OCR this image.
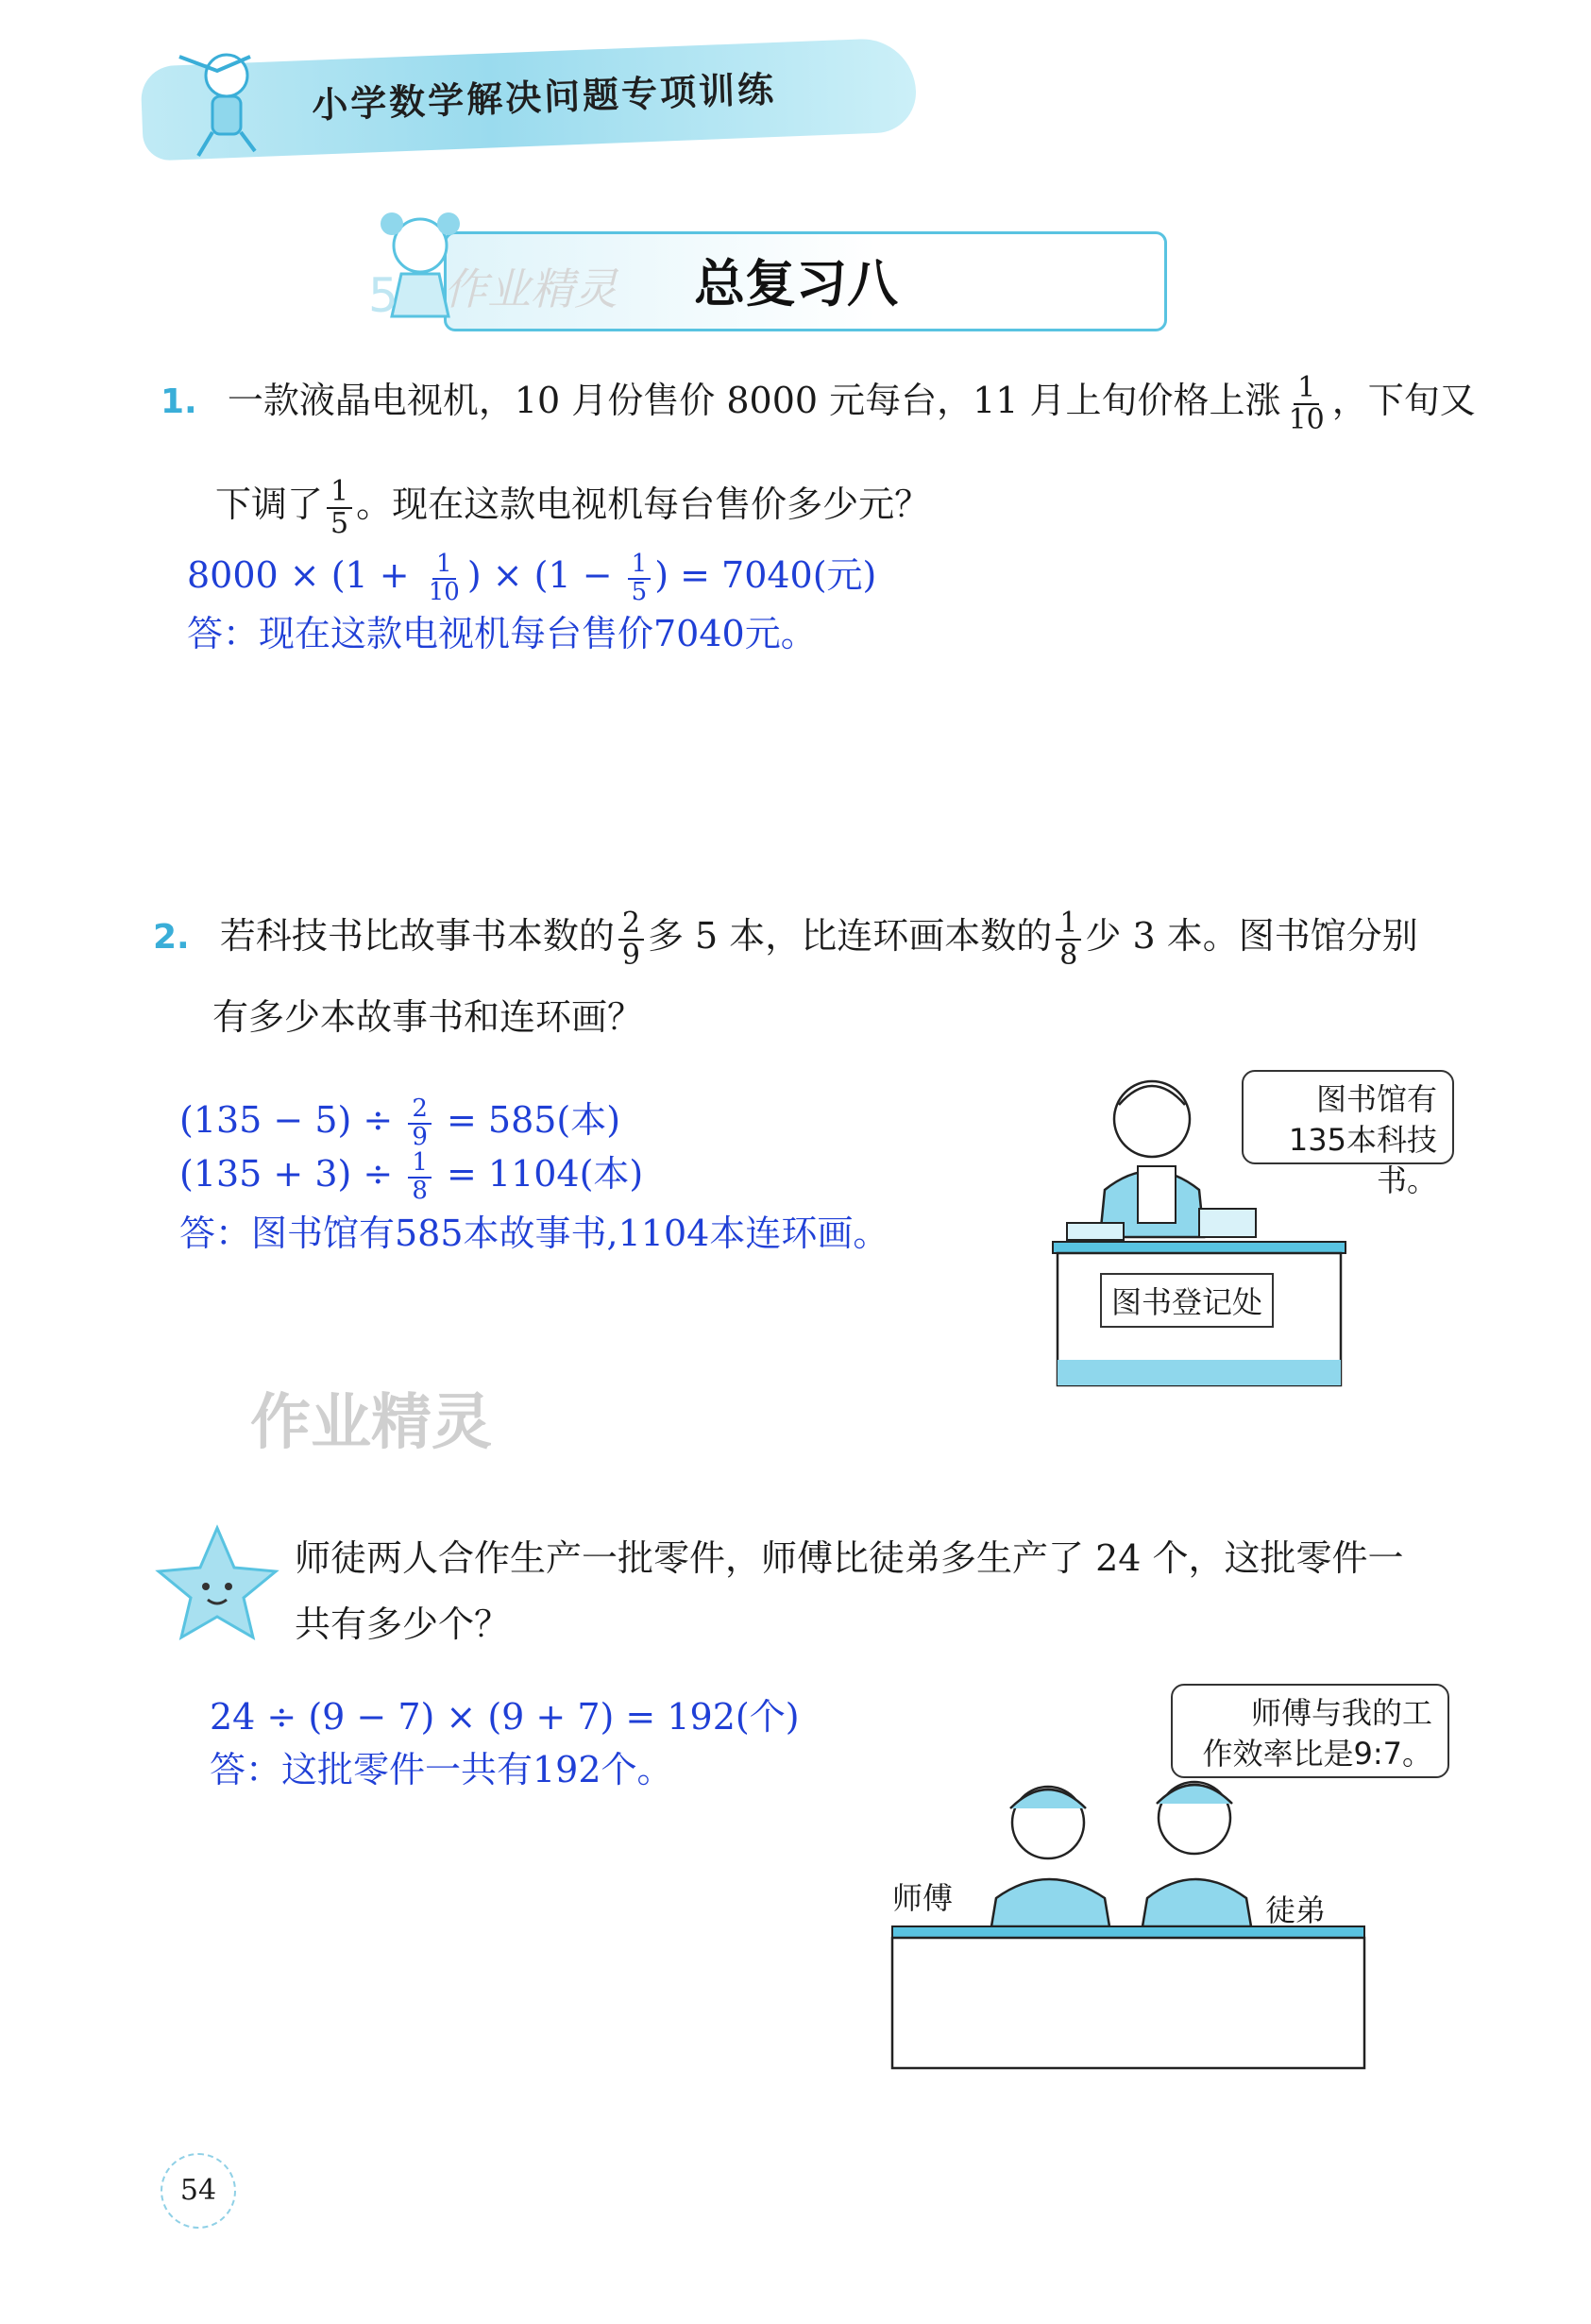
小学数学解决问题专项训练
5 作业精灵 总复习八
1. 一款液晶电视机，10 月份售价 8000 元每台，11 月上旬价格上涨 $\frac{1}{10}$ ，下旬又
下调了 $\frac{1}{5}$ 。现在这款电视机每台售价多少元？
$8000 \times (1 + \frac{1}{10}$ ) × ($1 - \frac{1}{5}$ ) = 7040(元)
答：现在这款电视机每台售价7040元。
2. 若科技书比故事书本数的 $\frac{2}{9}$ 多 5 本，比连环画本数的 $\frac{1}{8}$ 少 3 本。图书馆分别
有多少本故事书和连环画？
$(135 - 5) \div \frac{2}{9} = 585$(本)
$(135 + 3) \div \frac{1}{8} = 1104$(本)
答：图书馆有585本故事书,1104本连环画。
图书登记处
图书馆有
135本科技书。
作业精灵
师徒两人合作生产一批零件，师傅比徒弟多生产了 24 个，这批零件一
共有多少个？
24 ÷ (9 − 7) × (9 + 7) = 192(个)
答：这批零件一共有192个。
师傅	徒弟
师傅与我的工
作效率比是9:7。
54
